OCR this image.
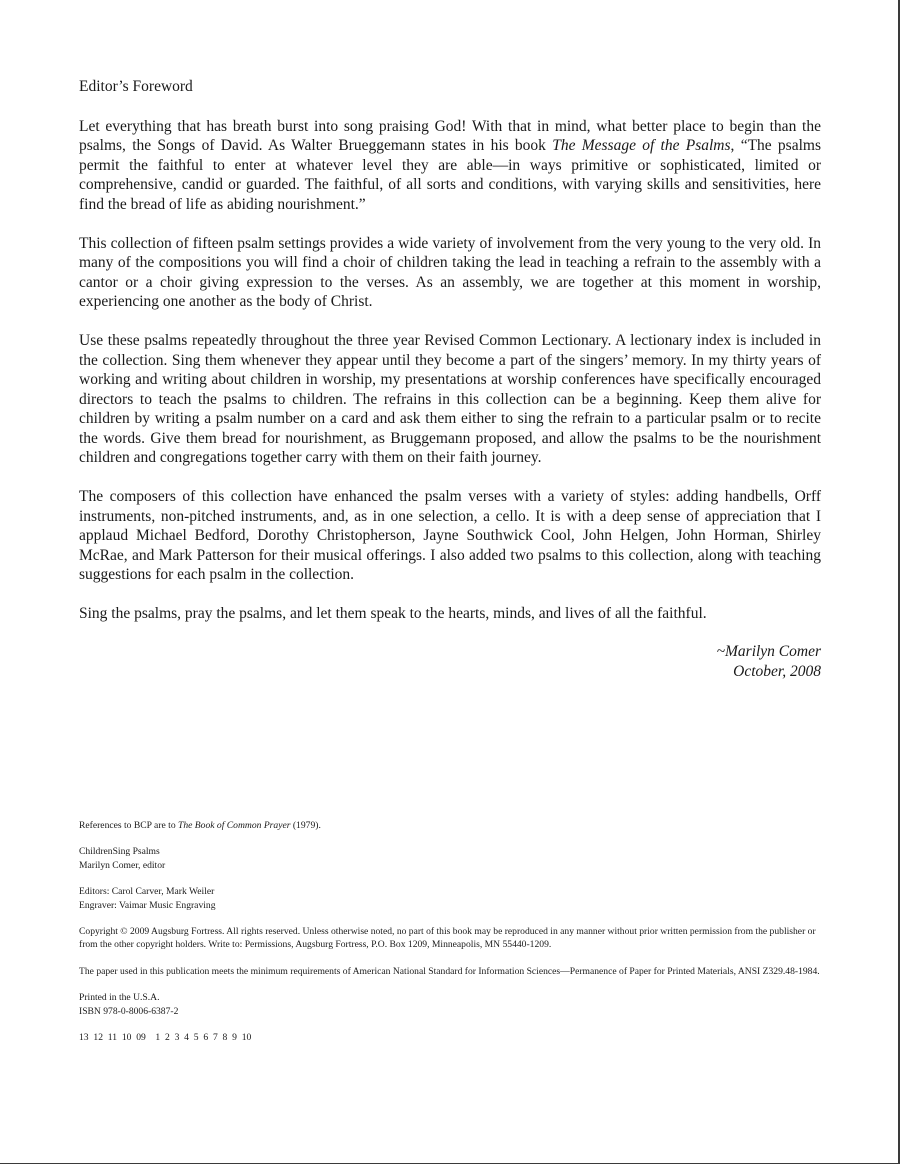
Editor’s Foreword

Let everything that has breath burst into song praising God! With that in mind, what better place to begin than the psalms, the Songs of David. As Walter Brueggemann states in his book The Message of the Psalms, “The psalms permit the faithful to enter at whatever level they are able—in ways primitive or sophisticated, limited or comprehensive, candid or guarded. The faithful, of all sorts and conditions, with varying skills and sensitivities, here find the bread of life as abiding nourishment.”

This collection of fifteen psalm settings provides a wide variety of involvement from the very young to the very old. In many of the compositions you will find a choir of children taking the lead in teaching a refrain to the assembly with a cantor or a choir giving expression to the verses. As an assembly, we are together at this moment in worship, experiencing one another as the body of Christ.

Use these psalms repeatedly throughout the three year Revised Common Lectionary. A lectionary index is included in the collection. Sing them whenever they appear until they become a part of the singers’ memory. In my thirty years of working and writing about children in worship, my presentations at worship conferences have specifically encouraged directors to teach the psalms to children. The refrains in this collection can be a beginning. Keep them alive for children by writing a psalm number on a card and ask them either to sing the refrain to a particular psalm or to recite the words. Give them bread for nourishment, as Bruggemann proposed, and allow the psalms to be the nourishment children and congregations together carry with them on their faith journey.

The composers of this collection have enhanced the psalm verses with a variety of styles: adding handbells, Orff instruments, non-pitched instruments, and, as in one selection, a cello. It is with a deep sense of appreciation that I applaud Michael Bedford, Dorothy Christopherson, Jayne Southwick Cool, John Helgen, John Horman, Shirley McRae, and Mark Patterson for their musical offerings. I also added two psalms to this collection, along with teaching suggestions for each psalm in the collection.

Sing the psalms, pray the psalms, and let them speak to the hearts, minds, and lives of all the faithful.

~Marilyn Comer
October, 2008

References to BCP are to The Book of Common Prayer (1979).

ChildrenSing Psalms
Marilyn Comer, editor

Editors: Carol Carver, Mark Weiler
Engraver: Vaimar Music Engraving

Copyright © 2009 Augsburg Fortress. All rights reserved. Unless otherwise noted, no part of this book may be reproduced in any manner without prior written permission from the publisher or from the other copyright holders. Write to: Permissions, Augsburg Fortress, P.O. Box 1209, Minneapolis, MN 55440-1209.

The paper used in this publication meets the minimum requirements of American National Standard for Information Sciences—Permanence of Paper for Printed Materials, ANSI Z329.48-1984.

Printed in the U.S.A.
ISBN 978-0-8006-6387-2

13  12  11  10  09    1  2  3  4  5  6  7  8  9  10
